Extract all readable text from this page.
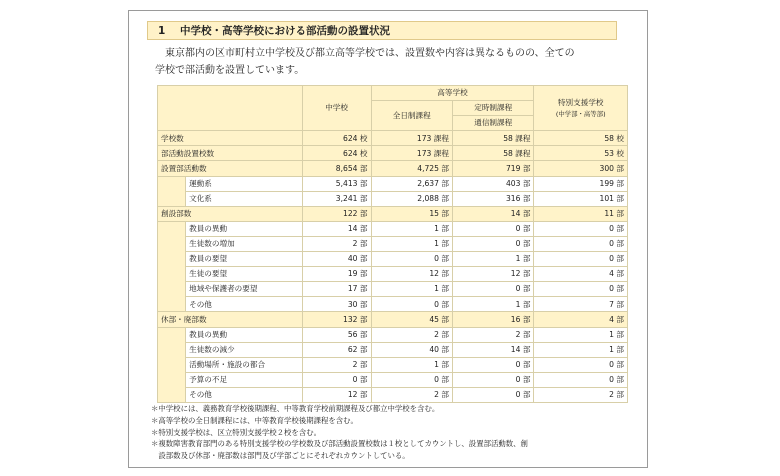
1 中学校・高等学校における部活動の設置状況

東京都内の区市町村立中学校及び都立高等学校では、設置数や内容は異なるものの、全ての

学校で部活動を設置しています。

		中学校	高等学校		特別支援学校
(中学部・高等部)

			全日制課程	定時制課程	
				通信制課程	
学校数		624 校	173 課程	58 課程	58 校
部活動設置校数		624 校	173 課程	58 課程	53 校
設置部活動数		8,654 部	4,725 部	719 部	300 部
	運動系	5,413 部	2,637 部	403 部	199 部
	文化系	3,241 部	2,088 部	316 部	101 部
創設部数		122 部	15 部	14 部	11 部
	教員の異動	14 部	1 部	0 部	0 部
	生徒数の増加	2 部	1 部	0 部	0 部
	教員の要望	40 部	0 部	1 部	0 部
	生徒の要望	19 部	12 部	12 部	4 部
	地域や保護者の要望	17 部	1 部	0 部	0 部
	その他	30 部	0 部	1 部	7 部
休部・廃部数		132 部	45 部	16 部	4 部
	教員の異動	56 部	2 部	2 部	1 部
	生徒数の減少	62 部	40 部	14 部	1 部
	活動場所・施設の都合	2 部	1 部	0 部	0 部
	予算の不足	0 部	0 部	0 部	0 部
	その他	12 部	2 部	0 部	2 部

＊中学校には、義務教育学校後期課程、中等教育学校前期課程及び都立中学校を含む。

＊高等学校の全日制課程には、中等教育学校後期課程を含む。

＊特別支援学校は、区立特別支援学校２校を含む。

＊複数障害教育部門のある特別支援学校の学校数及び部活動設置校数は１校としてカウントし、設置部活動数、創

　設部数及び休部・廃部数は部門及び学部ごとにそれぞれカウントしている。
